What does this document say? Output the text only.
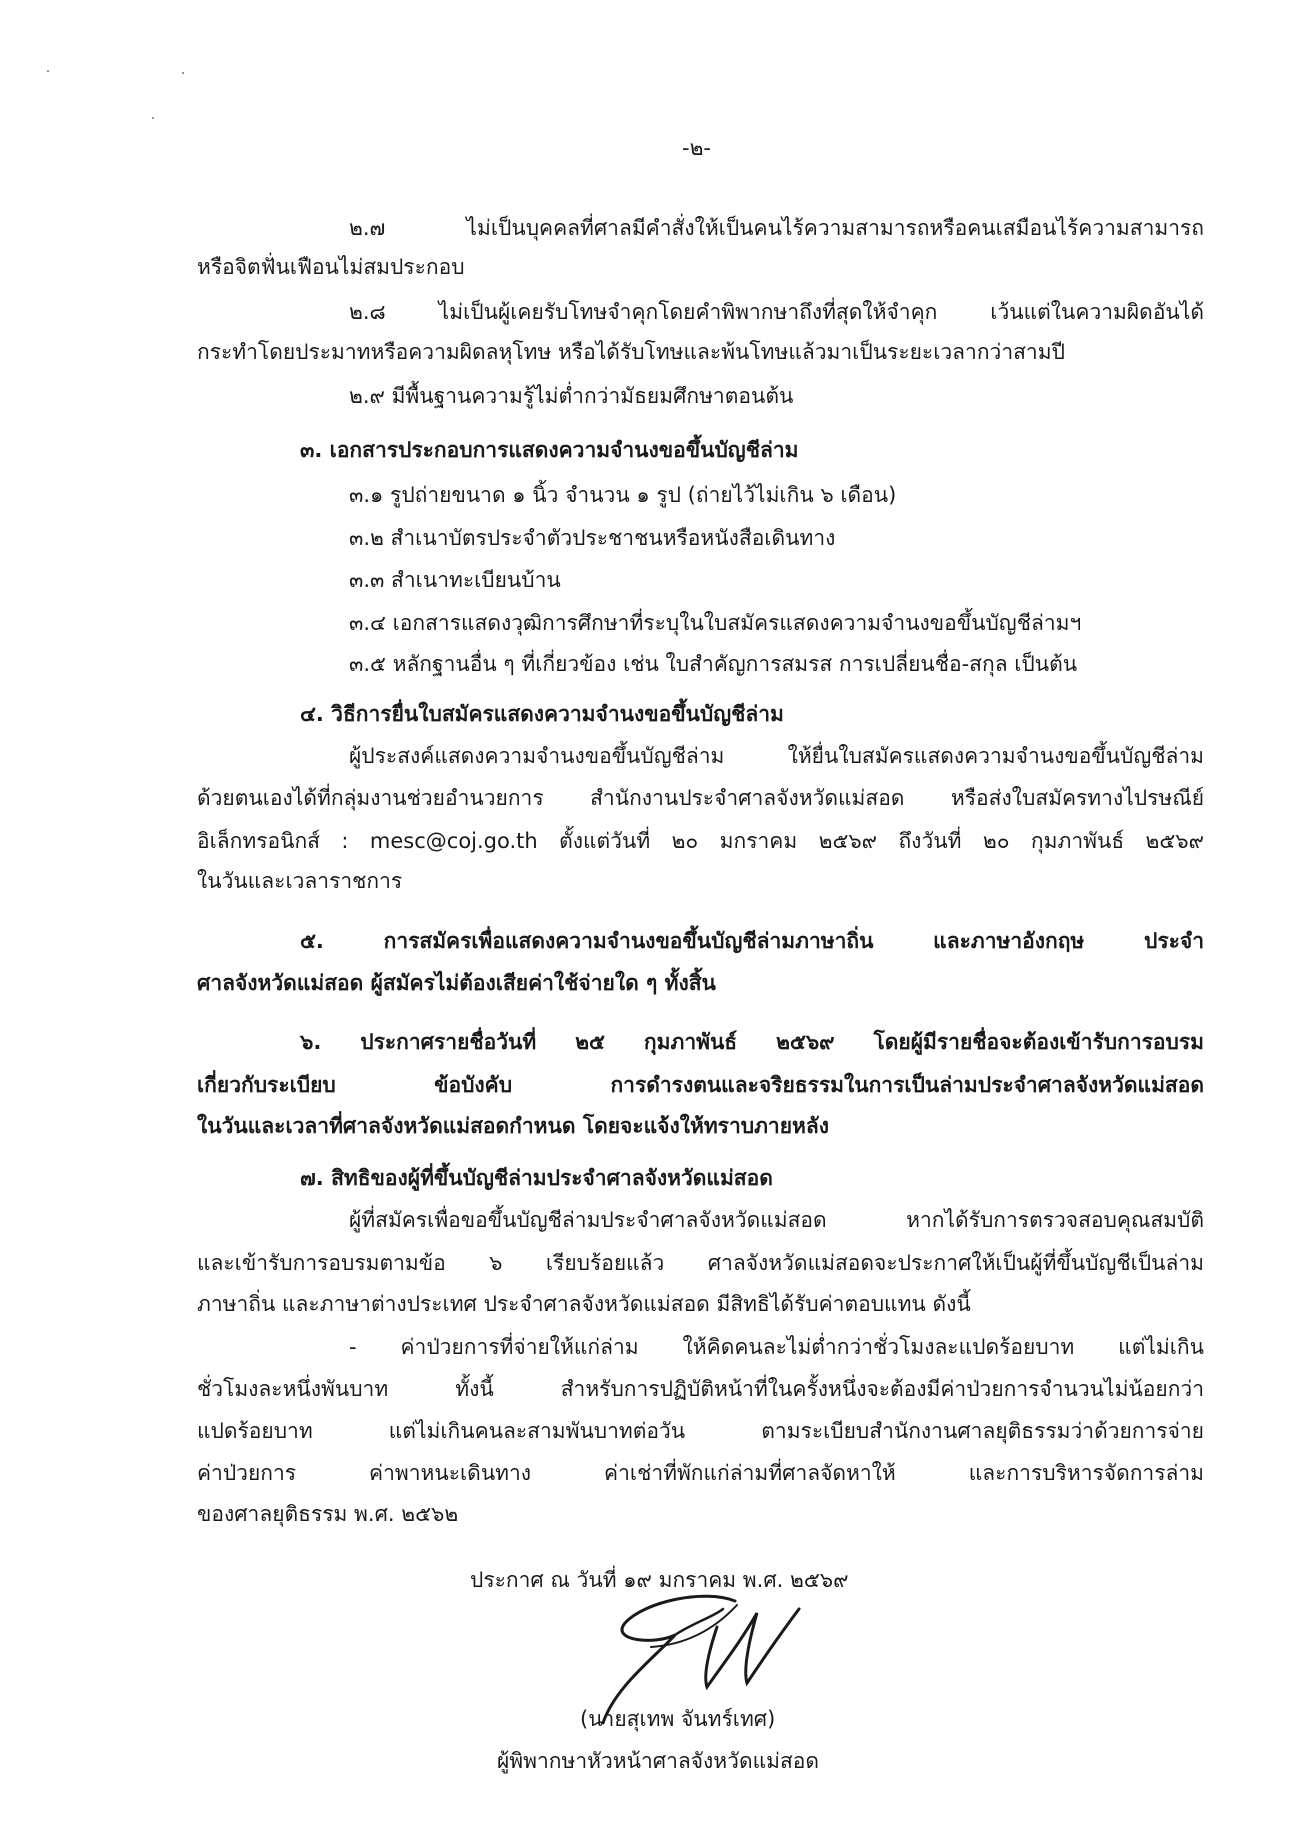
-๒-
๒.๗ ไม่เป็นบุคคลที่ศาลมีคำสั่งให้เป็นคนไร้ความสามารถหรือคนเสมือนไร้ความสามารถ
หรือจิตฟั่นเฟือนไม่สมประกอบ
๒.๘ ไม่เป็นผู้เคยรับโทษจำคุกโดยคำพิพากษาถึงที่สุดให้จำคุก เว้นแต่ในความผิดอันได้
กระทำโดยประมาทหรือความผิดลหุโทษ หรือได้รับโทษและพ้นโทษแล้วมาเป็นระยะเวลากว่าสามปี
๒.๙ มีพื้นฐานความรู้ไม่ต่ำกว่ามัธยมศึกษาตอนต้น
๓. เอกสารประกอบการแสดงความจำนงขอขึ้นบัญชีล่าม
๓.๑ รูปถ่ายขนาด ๑ นิ้ว จำนวน ๑ รูป (ถ่ายไว้ไม่เกิน ๖ เดือน)
๓.๒ สำเนาบัตรประจำตัวประชาชนหรือหนังสือเดินทาง
๓.๓ สำเนาทะเบียนบ้าน
๓.๔ เอกสารแสดงวุฒิการศึกษาที่ระบุในใบสมัครแสดงความจำนงขอขึ้นบัญชีล่ามฯ
๓.๕ หลักฐานอื่น ๆ ที่เกี่ยวข้อง เช่น ใบสำคัญการสมรส การเปลี่ยนชื่อ-สกุล เป็นต้น
๔. วิธีการยื่นใบสมัครแสดงความจำนงขอขึ้นบัญชีล่าม
ผู้ประสงค์แสดงความจำนงขอขึ้นบัญชีล่าม ให้ยื่นใบสมัครแสดงความจำนงขอขึ้นบัญชีล่าม
ด้วยตนเองได้ที่กลุ่มงานช่วยอำนวยการ สำนักงานประจำศาลจังหวัดแม่สอด หรือส่งใบสมัครทางไปรษณีย์
อิเล็กทรอนิกส์ : mesc@coj.go.th ตั้งแต่วันที่ ๒๐ มกราคม ๒๕๖๙ ถึงวันที่ ๒๐ กุมภาพันธ์ ๒๕๖๙
ในวันและเวลาราชการ
๕. การสมัครเพื่อแสดงความจำนงขอขึ้นบัญชีล่ามภาษาถิ่น และภาษาอังกฤษ ประจำ
ศาลจังหวัดแม่สอด ผู้สมัครไม่ต้องเสียค่าใช้จ่ายใด ๆ ทั้งสิ้น
๖. ประกาศรายชื่อวันที่ ๒๕ กุมภาพันธ์ ๒๕๖๙ โดยผู้มีรายชื่อจะต้องเข้ารับการอบรม
เกี่ยวกับระเบียบ ข้อบังคับ การดำรงตนและจริยธรรมในการเป็นล่ามประจำศาลจังหวัดแม่สอด
ในวันและเวลาที่ศาลจังหวัดแม่สอดกำหนด โดยจะแจ้งให้ทราบภายหลัง
๗. สิทธิของผู้ที่ขึ้นบัญชีล่ามประจำศาลจังหวัดแม่สอด
ผู้ที่สมัครเพื่อขอขึ้นบัญชีล่ามประจำศาลจังหวัดแม่สอด หากได้รับการตรวจสอบคุณสมบัติ
และเข้ารับการอบรมตามข้อ ๖ เรียบร้อยแล้ว ศาลจังหวัดแม่สอดจะประกาศให้เป็นผู้ที่ขึ้นบัญชีเป็นล่าม
ภาษาถิ่น และภาษาต่างประเทศ ประจำศาลจังหวัดแม่สอด มีสิทธิได้รับค่าตอบแทน ดังนี้
- ค่าป่วยการที่จ่ายให้แก่ล่าม ให้คิดคนละไม่ต่ำกว่าชั่วโมงละแปดร้อยบาท แต่ไม่เกิน
ชั่วโมงละหนึ่งพันบาท ทั้งนี้ สำหรับการปฏิบัติหน้าที่ในครั้งหนึ่งจะต้องมีค่าป่วยการจำนวนไม่น้อยกว่า
แปดร้อยบาท แต่ไม่เกินคนละสามพันบาทต่อวัน ตามระเบียบสำนักงานศาลยุติธรรมว่าด้วยการจ่าย
ค่าป่วยการ ค่าพาหนะเดินทาง ค่าเช่าที่พักแก่ล่ามที่ศาลจัดหาให้ และการบริหารจัดการล่าม
ของศาลยุติธรรม พ.ศ. ๒๕๖๒
ประกาศ ณ วันที่ ๑๙ มกราคม พ.ศ. ๒๕๖๙
(นายสุเทพ จันทร์เทศ)
ผู้พิพากษาหัวหน้าศาลจังหวัดแม่สอด
